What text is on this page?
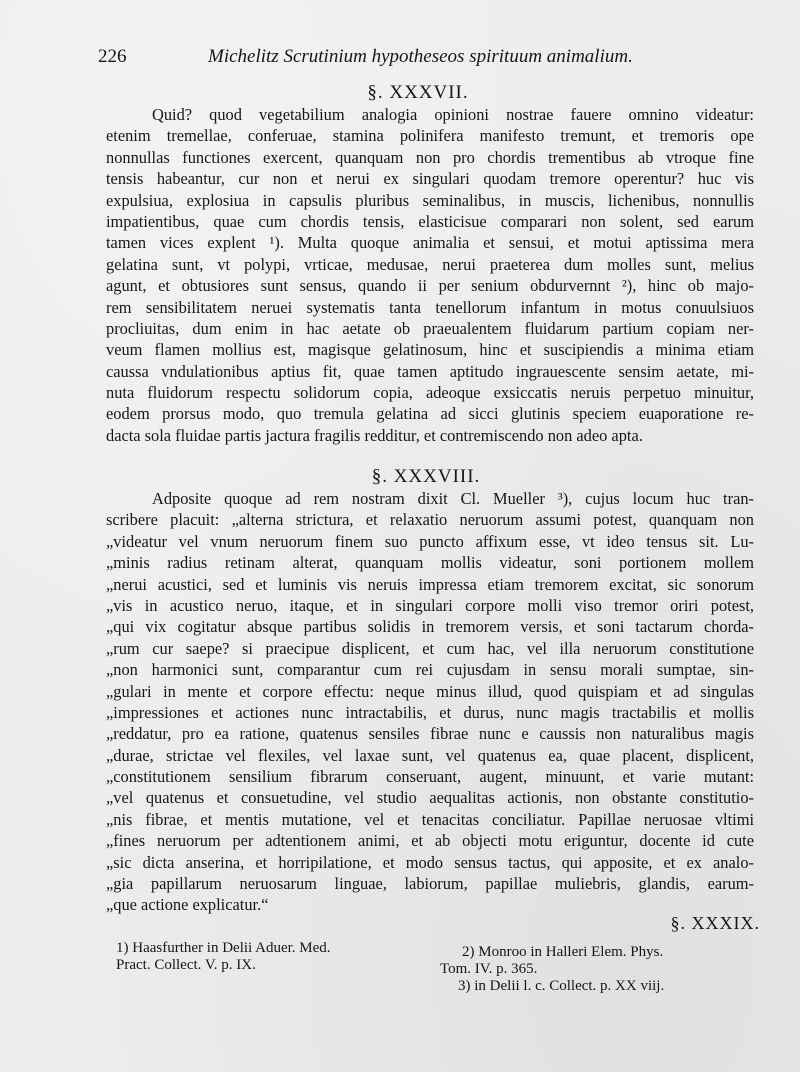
226	Michelitz Scrutinium hypotheseos spirituum animalium.
§. XXXVII.
Quid? quod vegetabilium analogia opinioni nostrae fauere omnino videatur:
etenim tremellae, conferuae, stamina polinifera manifesto tremunt, et tremoris ope
nonnullas functiones exercent, quanquam non pro chordis trementibus ab vtroque fine
tensis habeantur, cur non et nerui ex singulari quodam tremore operentur? huc vis
expulsiua, explosiua in capsulis pluribus seminalibus, in muscis, lichenibus, nonnullis
impatientibus, quae cum chordis tensis, elasticisue comparari non solent, sed earum
tamen vices explent ¹). Multa quoque animalia et sensui, et motui aptissima mera
gelatina sunt, vt polypi, vrticae, medusae, nerui praeterea dum molles sunt, melius
agunt, et obtusiores sunt sensus, quando ii per senium obdurvernnt ²), hinc ob majo-
rem sensibilitatem neruei systematis tanta tenellorum infantum in motus conuulsiuos
procliuitas, dum enim in hac aetate ob praeualentem fluidarum partium copiam ner-
veum flamen mollius est, magisque gelatinosum, hinc et suscipiendis a minima etiam
caussa vndulationibus aptius fit, quae tamen aptitudo ingrauescente sensim aetate, mi-
nuta fluidorum respectu solidorum copia, adeoque exsiccatis neruis perpetuo minuitur,
eodem prorsus modo, quo tremula gelatina ad sicci glutinis speciem euaporatione re-
dacta sola fluidae partis jactura fragilis redditur, et contremiscendo non adeo apta.
§. XXXVIII.
Adposite quoque ad rem nostram dixit Cl. Mueller ³), cujus locum huc tran-
scribere placuit: „alterna strictura, et relaxatio neruorum assumi potest, quanquam non
„videatur vel vnum neruorum finem suo puncto affixum esse, vt ideo tensus sit. Lu-
„minis radius retinam alterat, quanquam mollis videatur, soni portionem mollem
„nerui acustici, sed et luminis vis neruis impressa etiam tremorem excitat, sic sonorum
„vis in acustico neruo, itaque, et in singulari corpore molli viso tremor oriri potest,
„qui vix cogitatur absque partibus solidis in tremorem versis, et soni tactarum chorda-
„rum cur saepe? si praecipue displicent, et cum hac, vel illa neruorum constitutione
„non harmonici sunt, comparantur cum rei cujusdam in sensu morali sumptae, sin-
„gulari in mente et corpore effectu: neque minus illud, quod quispiam et ad singulas
„impressiones et actiones nunc intractabilis, et durus, nunc magis tractabilis et mollis
„reddatur, pro ea ratione, quatenus sensiles fibrae nunc e caussis non naturalibus magis
„durae, strictae vel flexiles, vel laxae sunt, vel quatenus ea, quae placent, displicent,
„constitutionem sensilium fibrarum conseruant, augent, minuunt, et varie mutant:
„vel quatenus et consuetudine, vel studio aequalitas actionis, non obstante constitutio-
„nis fibrae, et mentis mutatione, vel et tenacitas conciliatur. Papillae neruosae vltimi
„fines neruorum per adtentionem animi, et ab objecti motu eriguntur, docente id cute
„sic dicta anserina, et horripilatione, et modo sensus tactus, qui apposite, et ex analo-
„gia papillarum neruosarum linguae, labiorum, papillae muliebris, glandis, earum-
„que actione explicatur.“
§. XXXIX.
1) Haasfurther in Delii Aduer. Med.
Pract. Collect. V. p. IX.
2) Monroo in Halleri Elem. Phys.
Tom. IV. p. 365.
3) in Delii l. c. Collect. p. XX viij.
